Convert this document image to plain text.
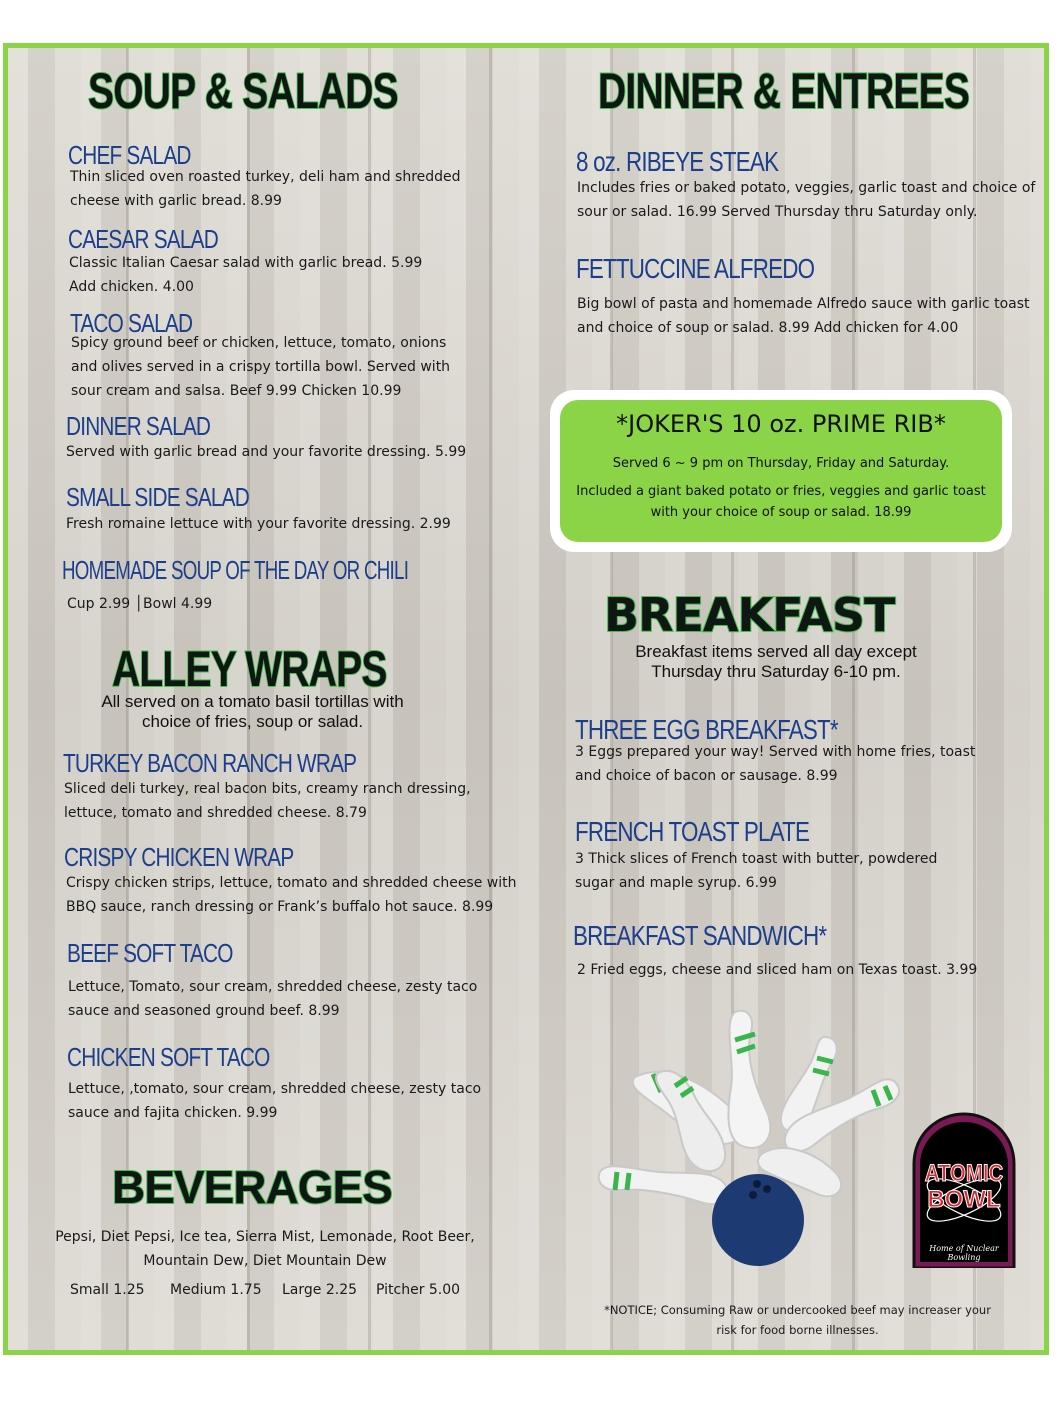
SOUP & SALADS
CHEF SALAD

Thin sliced oven roasted turkey, deli ham and shredded
cheese with garlic bread. 8.99

CAESAR SALAD

Classic Italian Caesar salad with garlic bread. 5.99
Add chicken. 4.00

TACO SALAD

Spicy ground beef or chicken, lettuce, tomato, onions
and olives served in a crispy tortilla bowl. Served with
sour cream and salsa. Beef 9.99 Chicken 10.99

DINNER SALAD

Served with garlic bread and your favorite dressing. 5.99

SMALL SIDE SALAD

Fresh romaine lettuce with your favorite dressing. 2.99

HOMEMADE SOUP OF THE DAY OR CHILI

Cup 2.99 │Bowl 4.99

ALLEY WRAPS

All served on a tomato basil tortillas with
choice of fries, soup or salad.

TURKEY BACON RANCH WRAP

Sliced deli turkey, real bacon bits, creamy ranch dressing,
lettuce, tomato and shredded cheese. 8.79

CRISPY CHICKEN WRAP

Crispy chicken strips, lettuce, tomato and shredded cheese with
BBQ sauce, ranch dressing or Frank’s buffalo hot sauce. 8.99

BEEF SOFT TACO

Lettuce, Tomato, sour cream, shredded cheese, zesty taco
sauce and seasoned ground beef. 8.99

CHICKEN SOFT TACO

Lettuce, ,tomato, sour cream, shredded cheese, zesty taco
sauce and fajita chicken. 9.99

BEVERAGES

Pepsi, Diet Pepsi, Ice tea, Sierra Mist, Lemonade, Root Beer,
Mountain Dew, Diet Mountain Dew

Small 1.25 Medium 1.75 Large 2.25 Pitcher 5.00
DINNER & ENTREES
8 oz. RIBEYE STEAK

Includes fries or baked potato, veggies, garlic toast and choice of
sour or salad. 16.99 Served Thursday thru Saturday only.

FETTUCCINE ALFREDO

Big bowl of pasta and homemade Alfredo sauce with garlic toast
and choice of soup or salad. 8.99 Add chicken for 4.00

*JOKER'S 10 oz. PRIME RIB*

Served 6 ~ 9 pm on Thursday, Friday and Saturday.

Included a giant baked potato or fries, veggies and garlic toast
with your choice of soup or salad. 18.99

BREAKFAST

Breakfast items served all day except
Thursday thru Saturday 6-10 pm.

THREE EGG BREAKFAST*

3 Eggs prepared your way! Served with home fries, toast
and choice of bacon or sausage. 8.99

FRENCH TOAST PLATE

3 Thick slices of French toast with butter, powdered
sugar and maple syrup. 6.99

BREAKFAST SANDWICH*

2 Fried eggs, cheese and sliced ham on Texas toast. 3.99

ATOMIC
BOWL
Home of Nuclear Bowling

*NOTICE; Consuming Raw or undercooked beef may increaser your
risk for food borne illnesses.
